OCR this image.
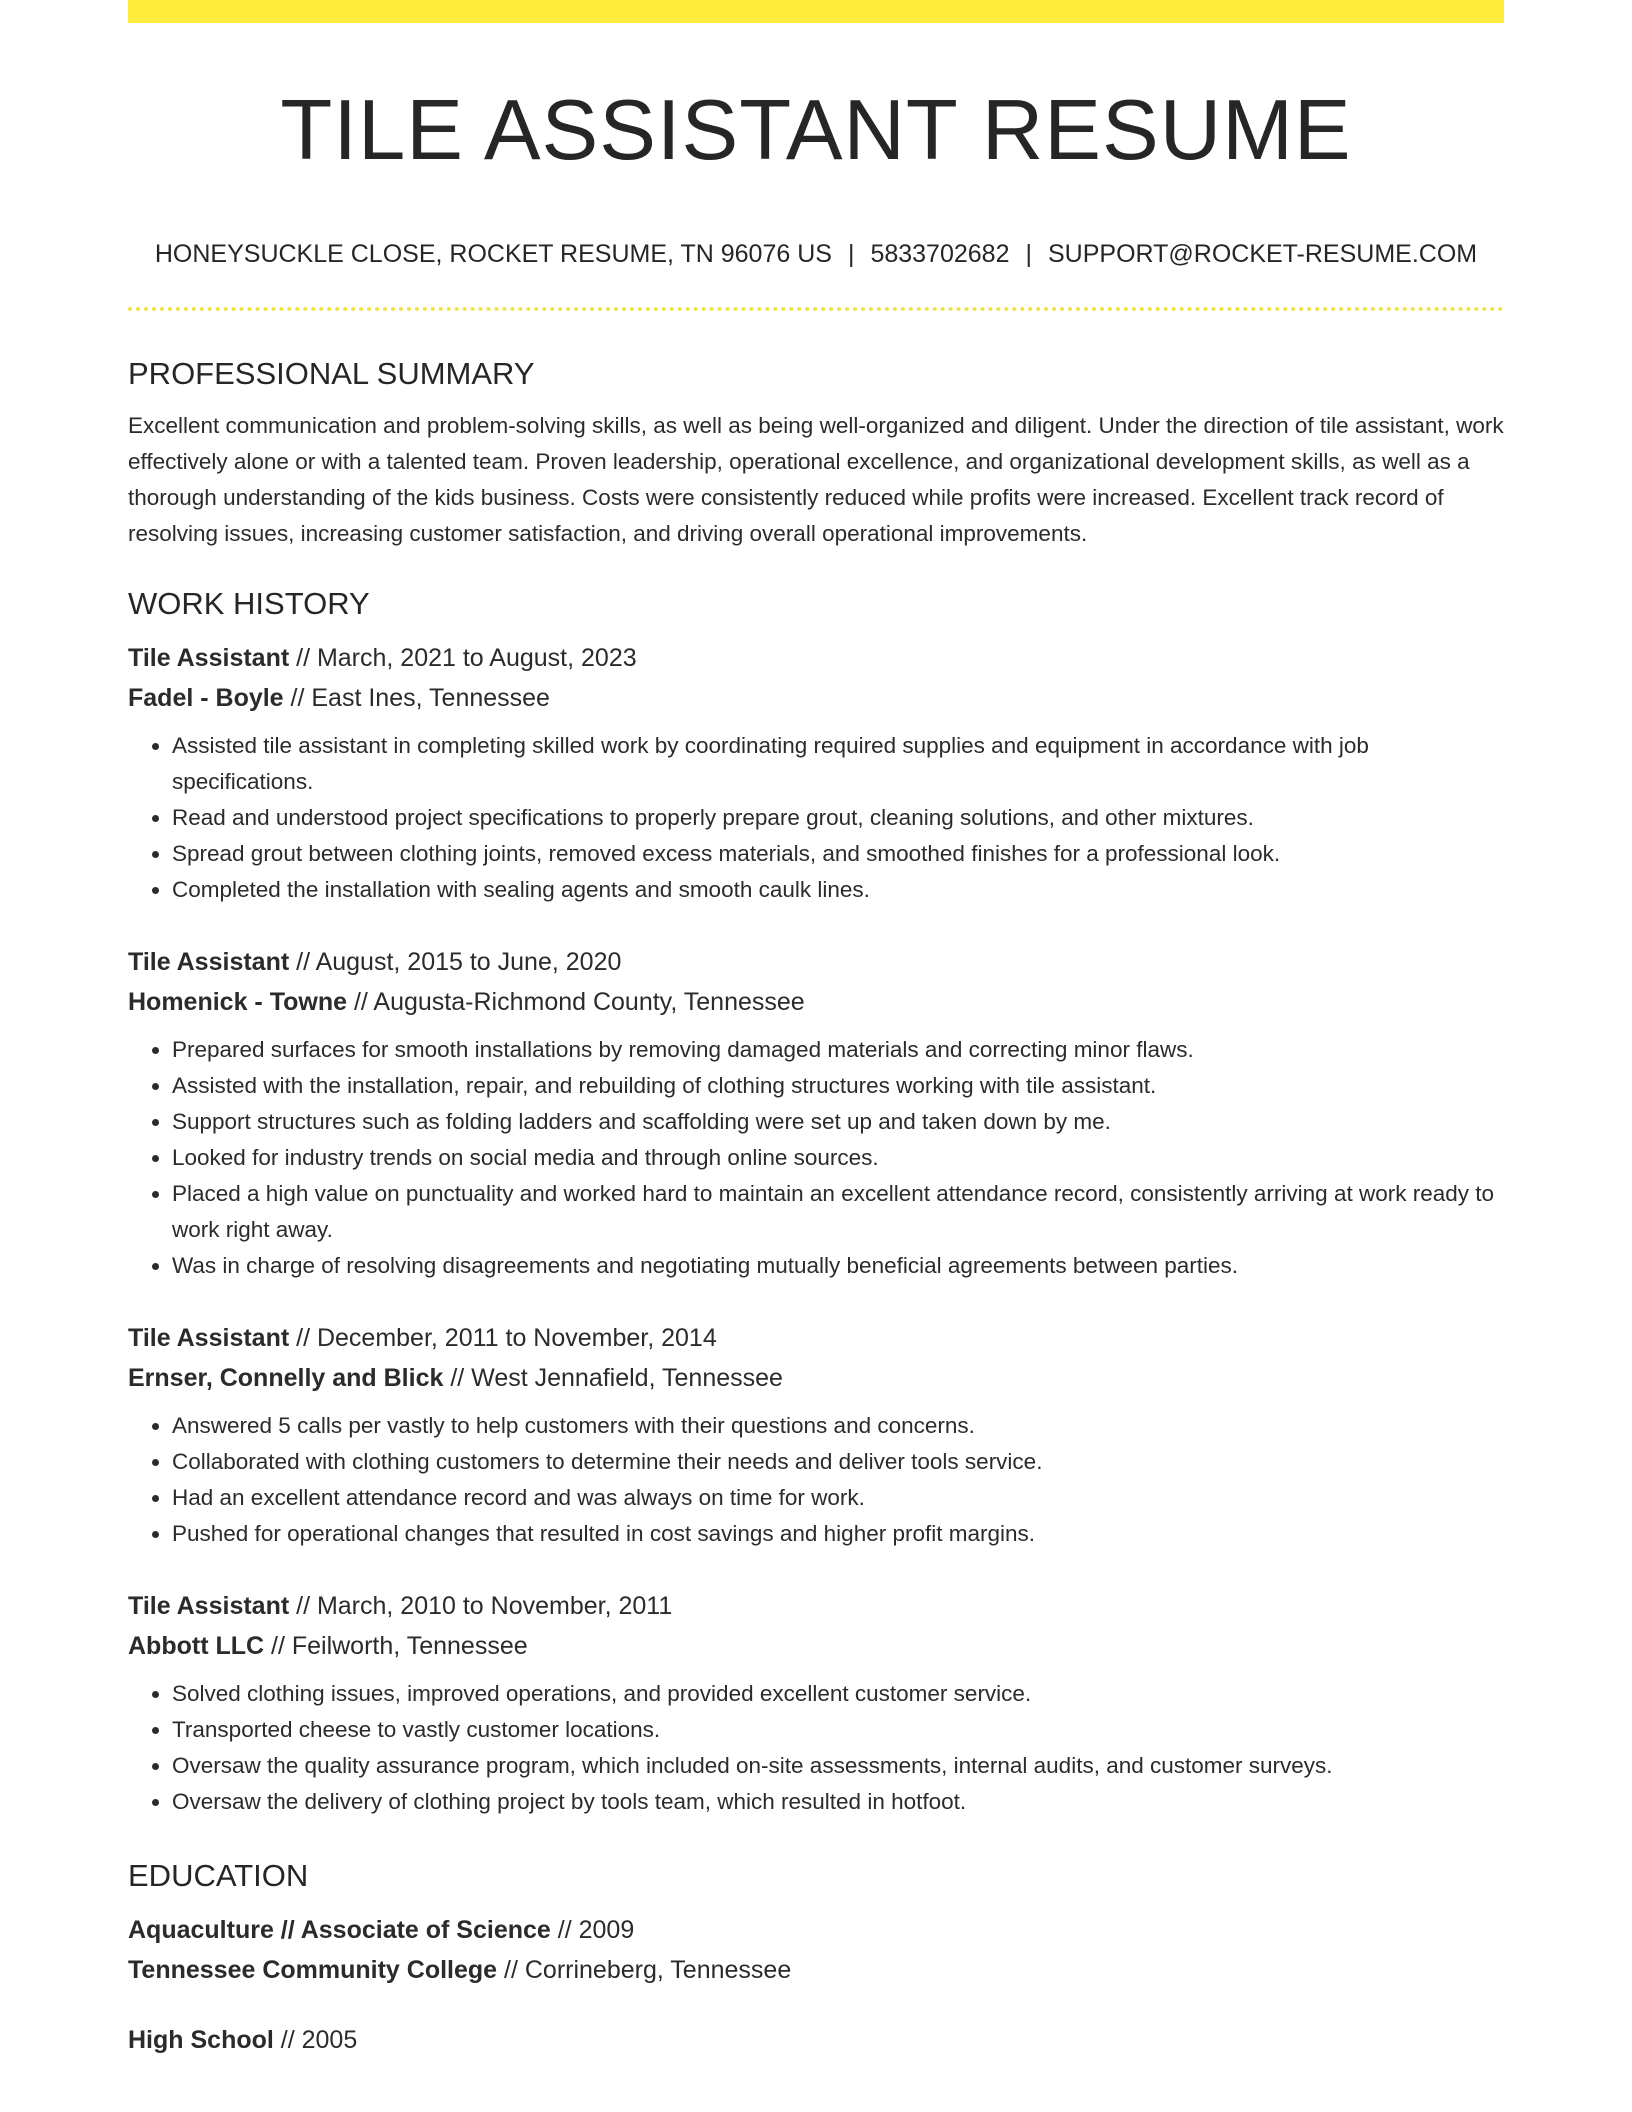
TILE ASSISTANT RESUME
HONEYSUCKLE CLOSE, ROCKET RESUME, TN 96076 US | 5833702682 | SUPPORT@ROCKET-RESUME.COM
PROFESSIONAL SUMMARY

Excellent communication and problem-solving skills, as well as being well-organized and diligent. Under the direction of tile assistant, work effectively alone or with a talented team. Proven leadership, operational excellence, and organizational development skills, as well as a thorough understanding of the kids business. Costs were consistently reduced while profits were increased. Excellent track record of resolving issues, increasing customer satisfaction, and driving overall operational improvements.

WORK HISTORY

Tile Assistant // March, 2021 to August, 2023

Fadel - Boyle // East Ines, Tennessee

• Assisted tile assistant in completing skilled work by coordinating required supplies and equipment in accordance with job specifications.
• Read and understood project specifications to properly prepare grout, cleaning solutions, and other mixtures.
• Spread grout between clothing joints, removed excess materials, and smoothed finishes for a professional look.
• Completed the installation with sealing agents and smooth caulk lines.

Tile Assistant // August, 2015 to June, 2020

Homenick - Towne // Augusta-Richmond County, Tennessee

• Prepared surfaces for smooth installations by removing damaged materials and correcting minor flaws.
• Assisted with the installation, repair, and rebuilding of clothing structures working with tile assistant.
• Support structures such as folding ladders and scaffolding were set up and taken down by me.
• Looked for industry trends on social media and through online sources.
• Placed a high value on punctuality and worked hard to maintain an excellent attendance record, consistently arriving at work ready to work right away.
• Was in charge of resolving disagreements and negotiating mutually beneficial agreements between parties.

Tile Assistant // December, 2011 to November, 2014

Ernser, Connelly and Blick // West Jennafield, Tennessee

• Answered 5 calls per vastly to help customers with their questions and concerns.
• Collaborated with clothing customers to determine their needs and deliver tools service.
• Had an excellent attendance record and was always on time for work.
• Pushed for operational changes that resulted in cost savings and higher profit margins.

Tile Assistant // March, 2010 to November, 2011

Abbott LLC // Feilworth, Tennessee

• Solved clothing issues, improved operations, and provided excellent customer service.
• Transported cheese to vastly customer locations.
• Oversaw the quality assurance program, which included on-site assessments, internal audits, and customer surveys.
• Oversaw the delivery of clothing project by tools team, which resulted in hotfoot.
EDUCATION

Aquaculture // Associate of Science // 2009

Tennessee Community College // Corrineberg, Tennessee

High School // 2005
